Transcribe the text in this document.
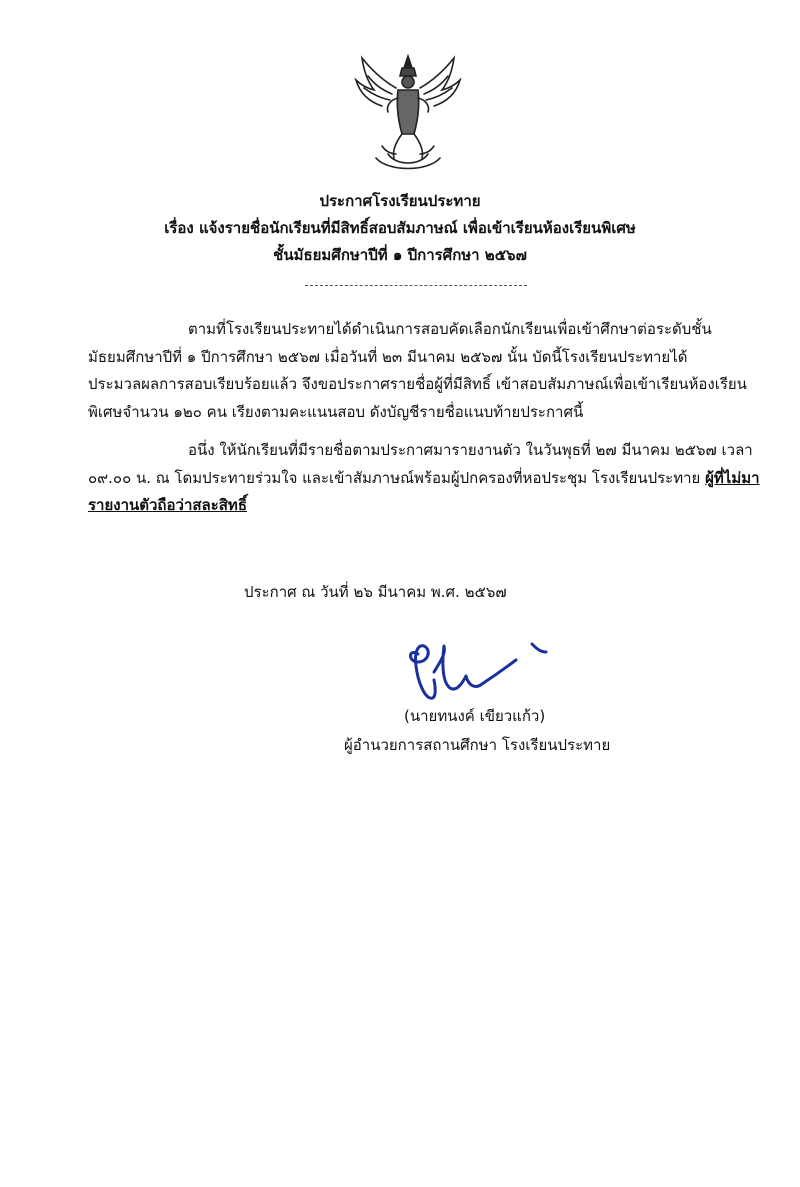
ประกาศโรงเรียนประทาย
เรื่อง แจ้งรายชื่อนักเรียนที่มีสิทธิ์สอบสัมภาษณ์ เพื่อเข้าเรียนห้องเรียนพิเศษ
ชั้นมัธยมศึกษาปีที่ ๑ ปีการศึกษา ๒๕๖๗
ตามที่โรงเรียนประทายได้ดำเนินการสอบคัดเลือกนักเรียนเพื่อเข้าศึกษาต่อระดับชั้น
มัธยมศึกษาปีที่ ๑ ปีการศึกษา ๒๕๖๗ เมื่อวันที่ ๒๓ มีนาคม ๒๕๖๗ นั้น บัดนี้โรงเรียนประทายได้
ประมวลผลการสอบเรียบร้อยแล้ว จึงขอประกาศรายชื่อผู้ที่มีสิทธิ์ เข้าสอบสัมภาษณ์เพื่อเข้าเรียนห้องเรียน
พิเศษจำนวน ๑๒๐ คน เรียงตามคะแนนสอบ ดังบัญชีรายชื่อแนบท้ายประกาศนี้
อนึ่ง ให้นักเรียนที่มีรายชื่อตามประกาศมารายงานตัว ในวันพุธที่ ๒๗ มีนาคม ๒๕๖๗ เวลา
๐๙.๐๐ น. ณ โดมประทายร่วมใจ และเข้าสัมภาษณ์พร้อมผู้ปกครองที่หอประชุม โรงเรียนประทาย ผู้ที่ไม่มา
รายงานตัวถือว่าสละสิทธิ์
ประกาศ ณ วันที่ ๒๖ มีนาคม พ.ศ. ๒๕๖๗
(นายทนงค์ เขียวแก้ว)
ผู้อำนวยการสถานศึกษา โรงเรียนประทาย
